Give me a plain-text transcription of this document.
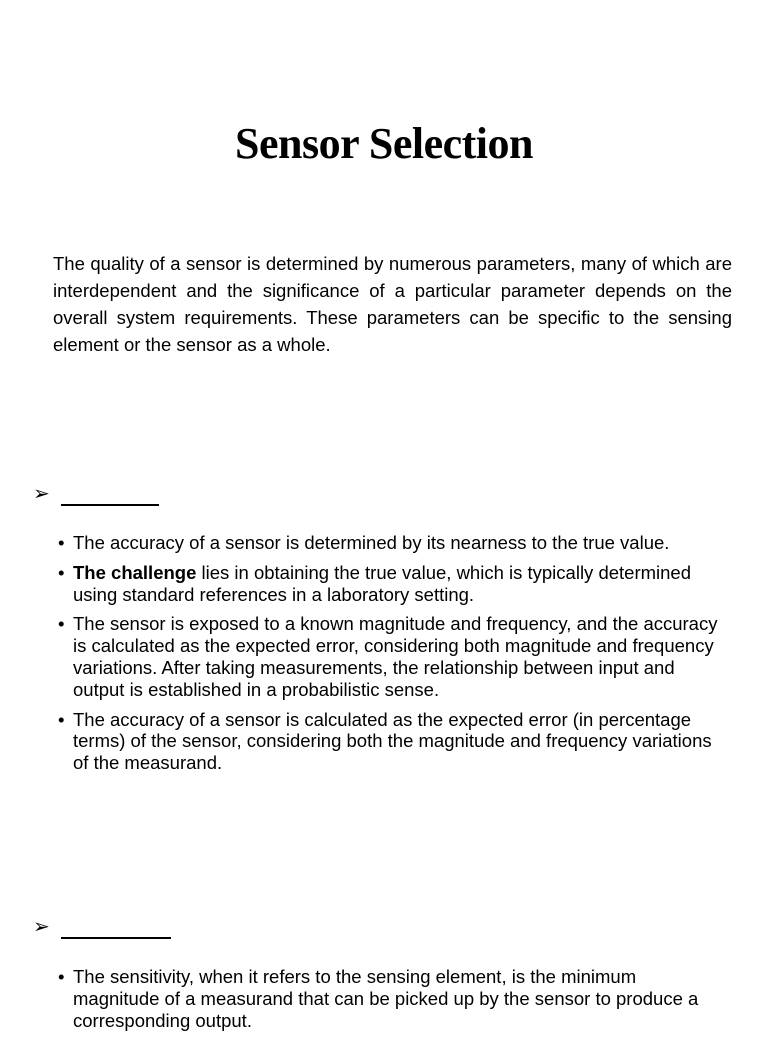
Sensor Selection

The quality of a sensor is determined by numerous parameters, many of which are interdependent and the significance of a particular parameter depends on the overall system requirements. These parameters can be specific to the sensing element or the sensor as a whole.

➢
• The accuracy of a sensor is determined by its nearness to the true value.
• The challenge lies in obtaining the true value, which is typically determined using standard references in a laboratory setting.
• The sensor is exposed to a known magnitude and frequency, and the accuracy is calculated as the expected error, considering both magnitude and frequency variations. After taking measurements, the relationship between input and output is established in a probabilistic sense.
• The accuracy of a sensor is calculated as the expected error (in percentage terms) of the sensor, considering both the magnitude and frequency variations of the measurand.
➢
• The sensitivity, when it refers to the sensing element, is the minimum magnitude of a measurand that can be picked up by the sensor to produce a corresponding output.
